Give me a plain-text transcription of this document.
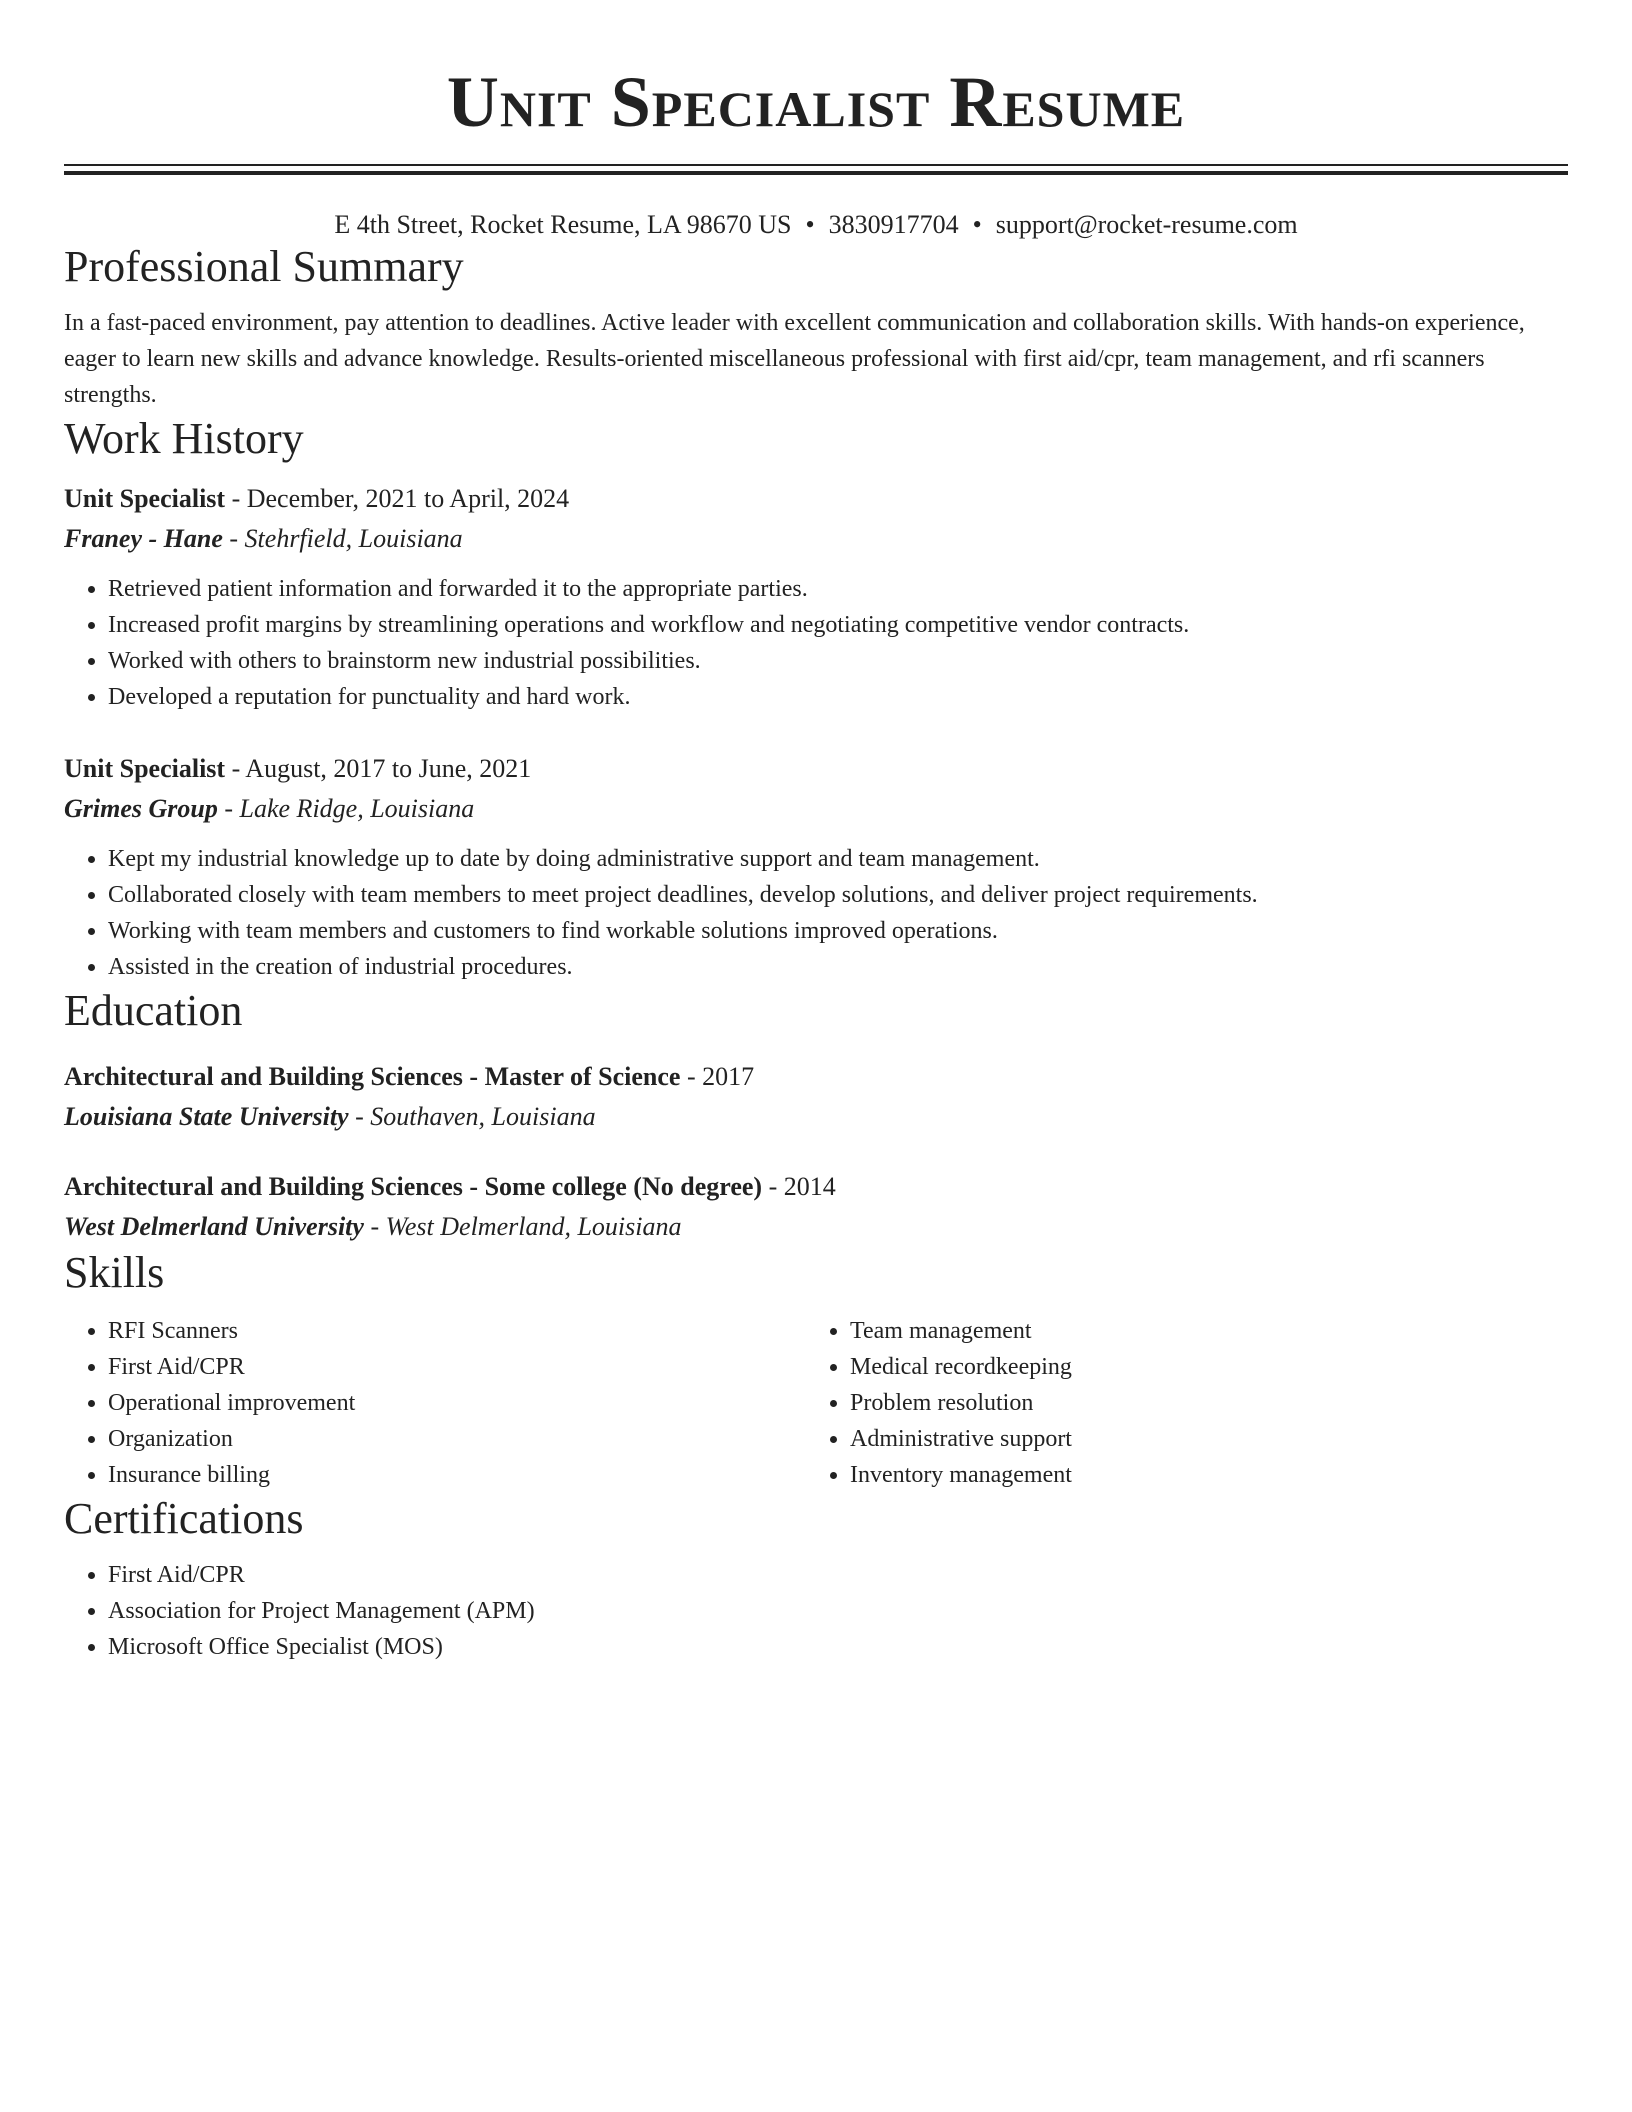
Unit Specialist Resume
E 4th Street, Rocket Resume, LA 98670 US • 3830917704 • support@rocket-resume.com
Professional Summary

In a fast-paced environment, pay attention to deadlines. Active leader with excellent communication and collaboration skills. With hands-on experience, eager to learn new skills and advance knowledge. Results-oriented miscellaneous professional with first aid/cpr, team management, and rfi scanners strengths.

Work History
Unit Specialist - December, 2021 to April, 2024
Franey - Hane - Stehrfield, Louisiana
• Retrieved patient information and forwarded it to the appropriate parties.
• Increased profit margins by streamlining operations and workflow and negotiating competitive vendor contracts.
• Worked with others to brainstorm new industrial possibilities.
• Developed a reputation for punctuality and hard work.
Unit Specialist - August, 2017 to June, 2021
Grimes Group - Lake Ridge, Louisiana
• Kept my industrial knowledge up to date by doing administrative support and team management.
• Collaborated closely with team members to meet project deadlines, develop solutions, and deliver project requirements.
• Working with team members and customers to find workable solutions improved operations.
• Assisted in the creation of industrial procedures.
Education
Architectural and Building Sciences - Master of Science - 2017
Louisiana State University - Southaven, Louisiana
Architectural and Building Sciences - Some college (No degree) - 2014
West Delmerland University - West Delmerland, Louisiana
Skills
• RFI Scanners
• First Aid/CPR
• Operational improvement
• Organization
• Insurance billing
• Team management
• Medical recordkeeping
• Problem resolution
• Administrative support
• Inventory management
Certifications
• First Aid/CPR
• Association for Project Management (APM)
• Microsoft Office Specialist (MOS)
